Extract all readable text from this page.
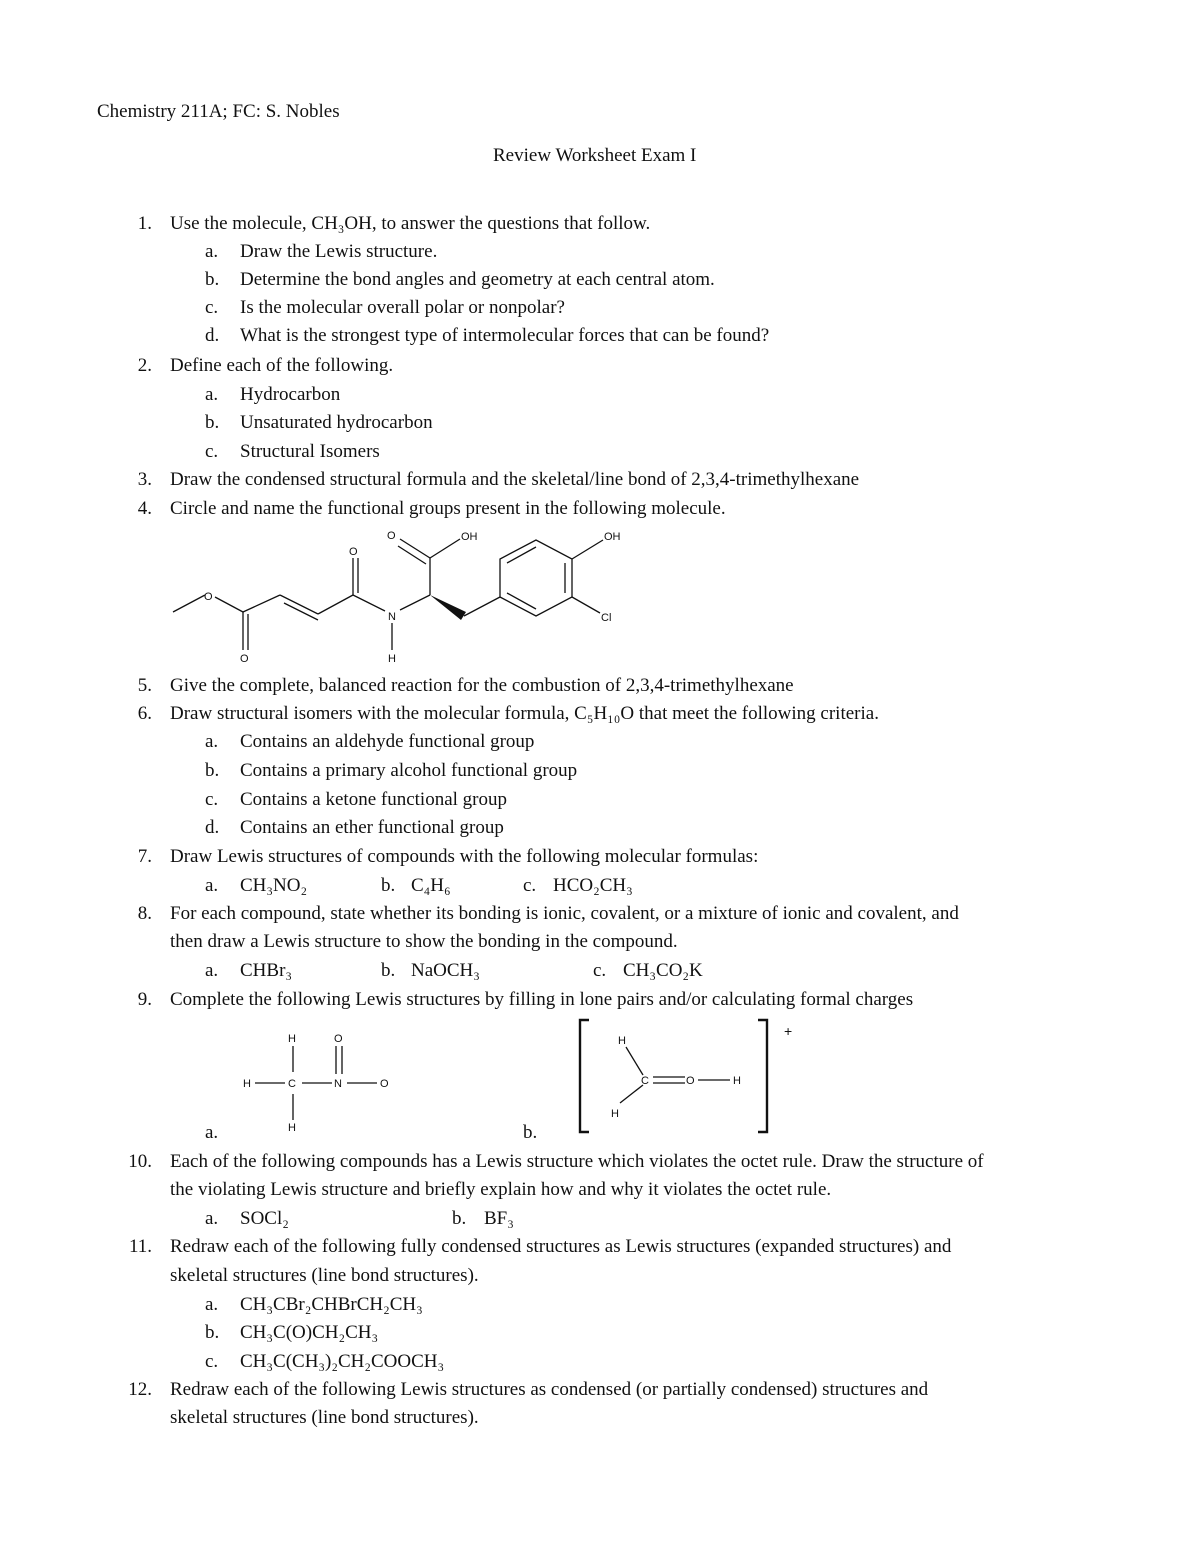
Chemistry 211A; FC: S. Nobles
Review Worksheet Exam I
1. Use the molecule, CH₃OH, to answer the questions that follow.
a. Draw the Lewis structure.
b. Determine the bond angles and geometry at each central atom.
c. Is the molecular overall polar or nonpolar?
d. What is the strongest type of intermolecular forces that can be found?
2. Define each of the following.
a. Hydrocarbon
b. Unsaturated hydrocarbon
c. Structural Isomers
3. Draw the condensed structural formula and the skeletal/line bond of 2,3,4-trimethylhexane
4. Circle and name the functional groups present in the following molecule.
O	OH	OH
O
O
N
H
O
Cl
5. Give the complete, balanced reaction for the combustion of 2,3,4-trimethylhexane
6. Draw structural isomers with the molecular formula, C₅H₁₀O that meet the following criteria.
a. Contains an aldehyde functional group
b. Contains a primary alcohol functional group
c. Contains a ketone functional group
d. Contains an ether functional group
7. Draw Lewis structures of compounds with the following molecular formulas:
a. CH₃NO₂	b. C₄H₆	c. HCO₂CH₃
8. For each compound, state whether its bonding is ionic, covalent, or a mixture of ionic and covalent, and
then draw a Lewis structure to show the bonding in the compound.
a. CHBr₃	b. NaOCH₃	c. CH₃CO₂K
9. Complete the following Lewis structures by filling in lone pairs and/or calculating formal charges
H	O
H	C	N	O
H
H
C	O	H
H
+
a.	b.
10. Each of the following compounds has a Lewis structure which violates the octet rule. Draw the structure of
the violating Lewis structure and briefly explain how and why it violates the octet rule.
a. SOCl₂	b. BF₃
11. Redraw each of the following fully condensed structures as Lewis structures (expanded structures) and
skeletal structures (line bond structures).
a. CH₃CBr₂CHBrCH₂CH₃
b. CH₃C(O)CH₂CH₃
c. CH₃C(CH₃)₂CH₂COOCH₃
12. Redraw each of the following Lewis structures as condensed (or partially condensed) structures and
skeletal structures (line bond structures).
